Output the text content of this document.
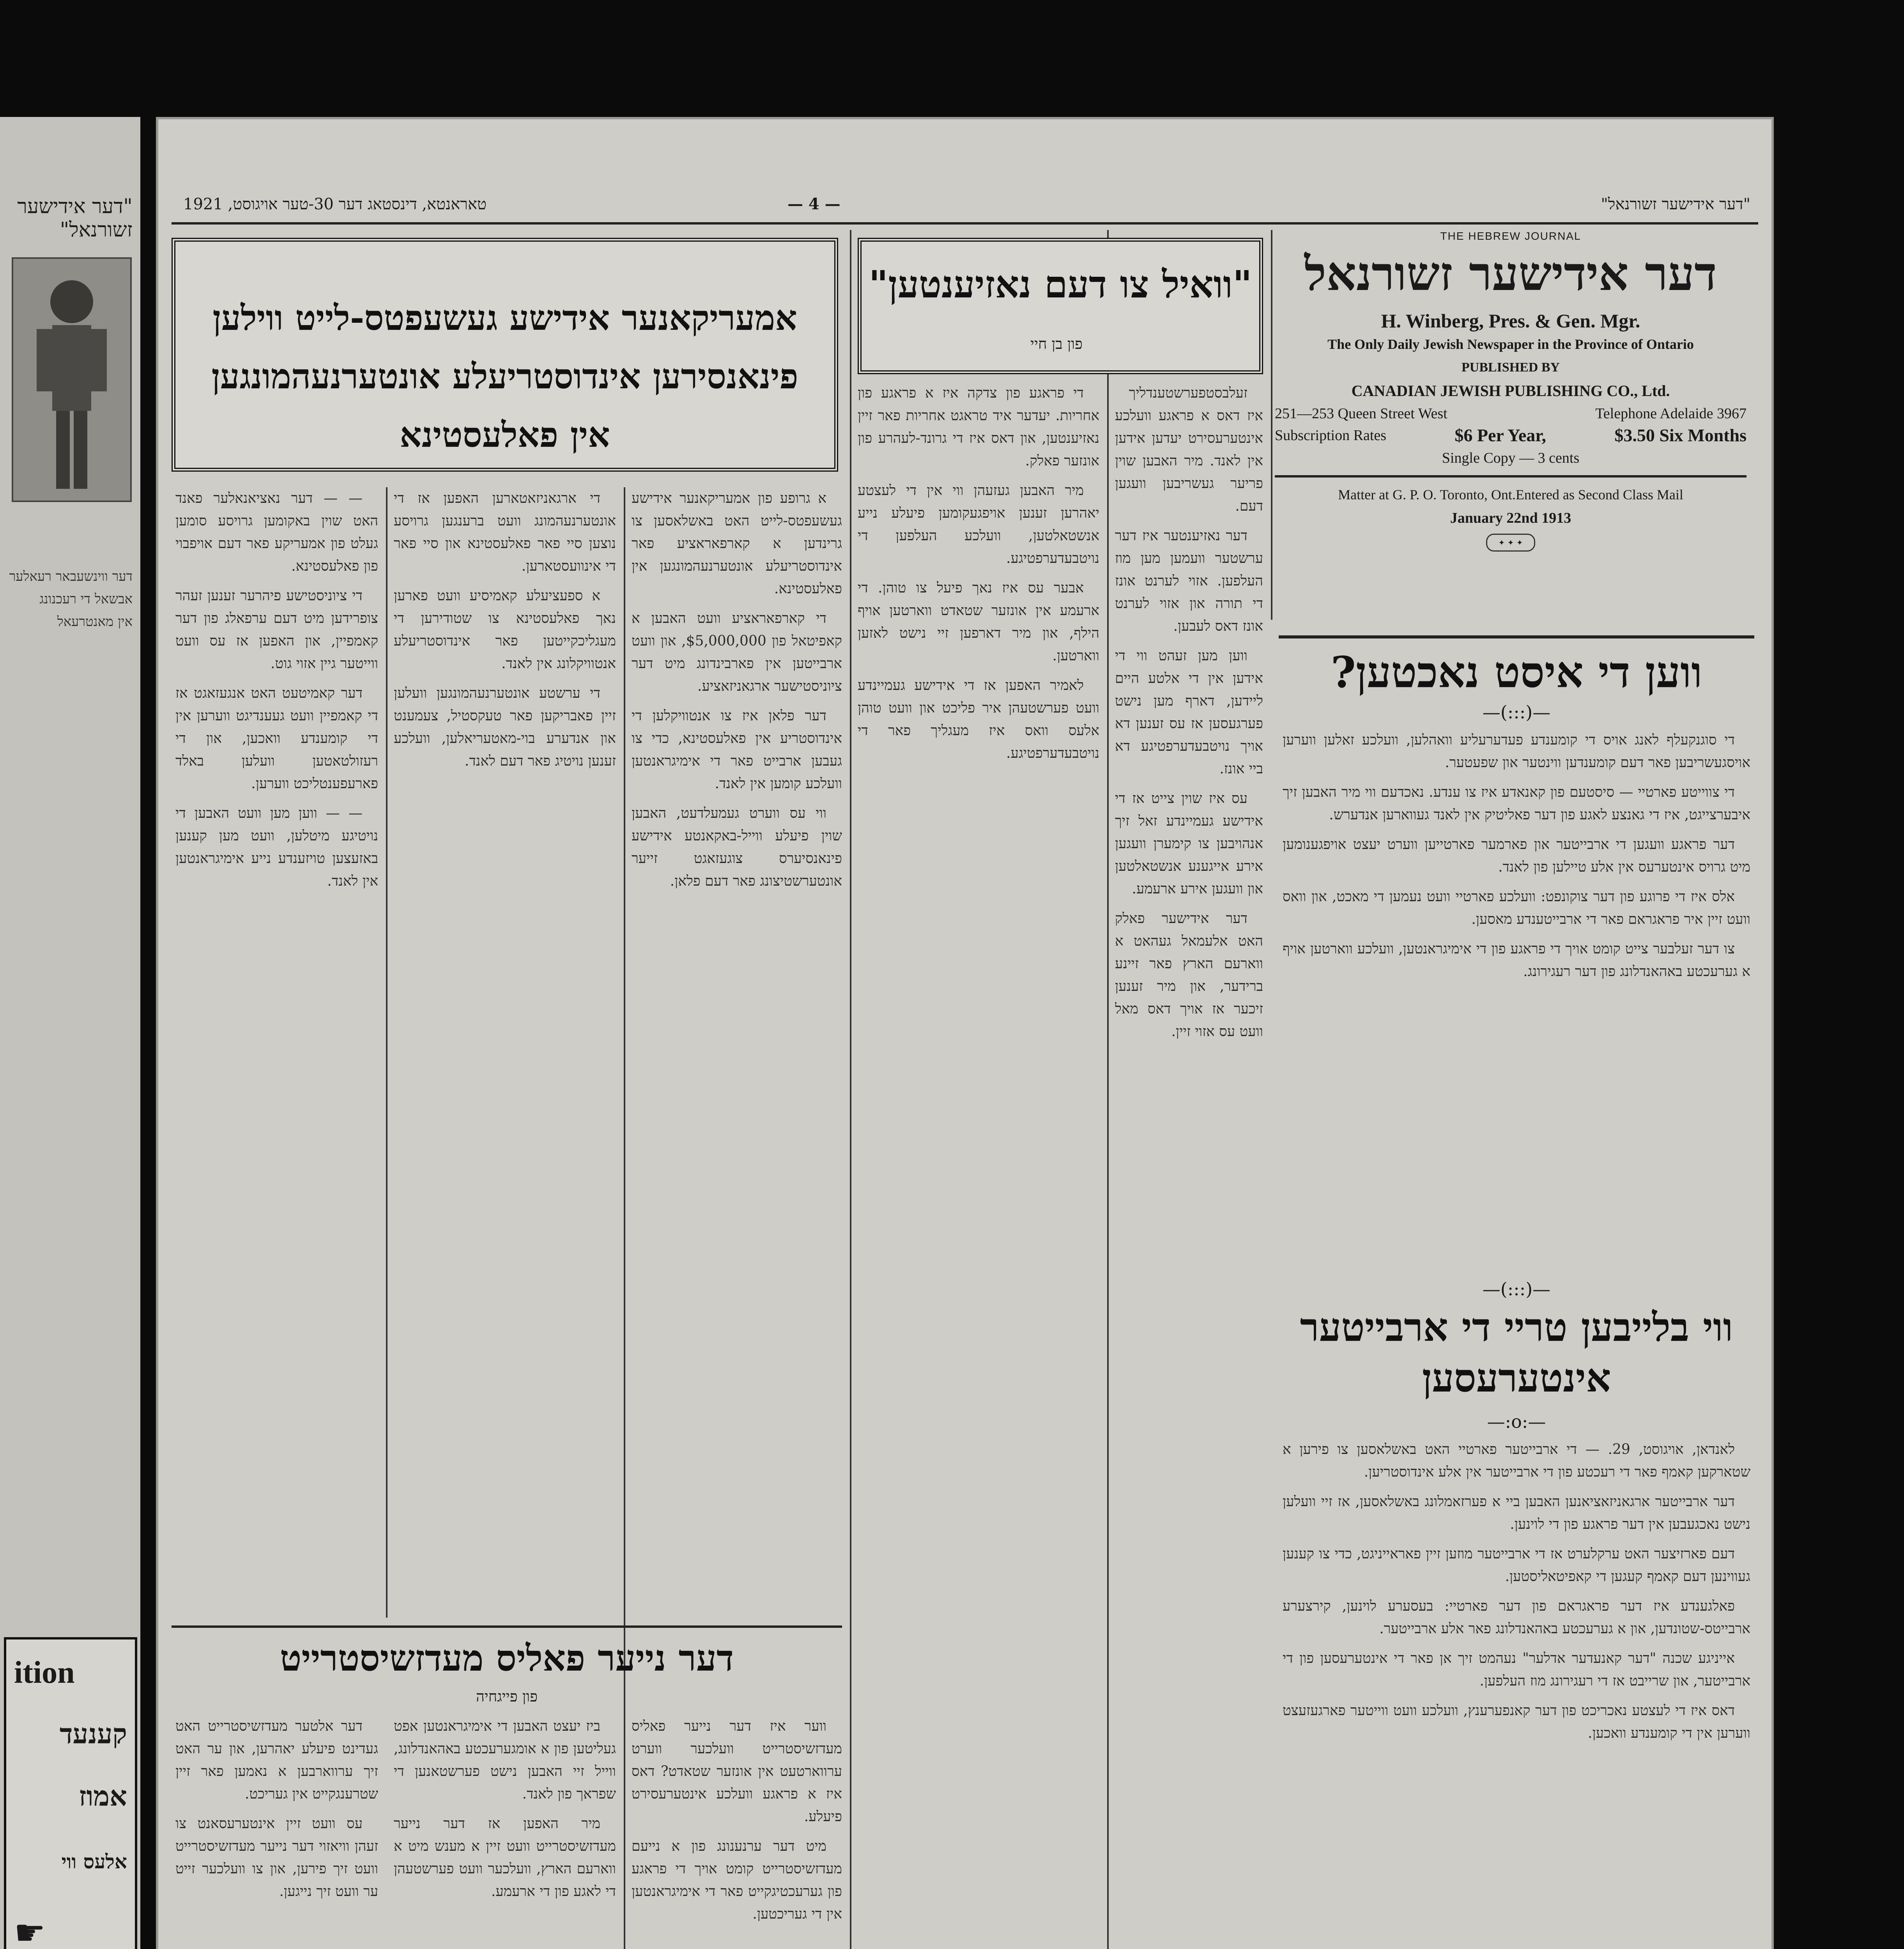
"דער אידישער זשורנאל"
דער ווינשעבאר רעאלער
אבשאל די רעכנונג
אין מאנטרעאל
ition
קענעד
אמוז
אלעס ווי
☛
"דער אידישער זשורנאל"
— 4 —
טאראנטא, דינסטאג דער 30-טער אויגוסט, 1921
THE HEBREW JOURNAL
דער אידישער זשורנאל
H. Winberg, Pres. & Gen. Mgr.
The Only Daily Jewish Newspaper in the Province of Ontario
PUBLISHED BY
CANADIAN JEWISH PUBLISHING CO., Ltd.
251—253 Queen Street West	Telephone Adelaide 3967
Subscription Rates	$6 Per Year,	$3.50 Six Months
Single Copy — 3 cents
Matter at G. P. O. Toronto, Ont.Entered as Second Class Mail
January 22nd 1913
✦ ✦ ✦
ווען די איסט נאכטען?
—(:::)—

די סוגנקעלף לאנג אויס די קומענדע פעדערעליע וואהלען, וועלכע זאלען ווערען אויסגעשריבען פאר דעם קומענדען ווינטער און שפעטער.

די צווייטע פארטיי — סיסטעם פון קאנאדע איז צו ענדע. נאכדעם ווי מיר האבען זיך איבערצייגט, איז די גאנצע לאגע פון דער פאליטיק אין לאנד געווארען אנדערש.

דער פראגע וועגען די ארבייטער און פארמער פארטייען ווערט יעצט אויפגענומען מיט גרויס אינטערעס אין אלע טיילען פון לאנד.

אלס איז די פרוגע פון דער צוקונפט: וועלכע פארטיי וועט נעמען די מאכט, און וואס וועט זיין איר פראגראם פאר די ארבייטענדע מאסען.

צו דער זעלבער צייט קומט אויך די פראגע פון די אימיגראנטען, וועלכע ווארטען אויף א גערעכטע באהאנדלונג פון דער רעגירונג.

—(:::)—
ווי בלייבען טריי די ארבייטער אינטערעסען
—:o:—

לאנדאן, אויגוסט, 29. — די ארבייטער פארטיי האט באשלאסען צו פירען א שטארקען קאמף פאר די רעכטע פון די ארבייטער אין אלע אינדוסטריען.

דער ארבייטער ארגאניזאציאנען האבען ביי א פערזאמלונג באשלאסען, אז זיי וועלען נישט נאכגעבען אין דער פראגע פון די לוינען.

דעם פארזיצער האט ערקלערט אז די ארבייטער מוזען זיין פאראייניגט, כדי צו קענען געווינען דעם קאמף קעגען די קאפיטאליסטען.

פאלגענדע איז דער פראגראם פון דער פארטיי: בעסערע לוינען, קירצערע ארבייטס-שטונדען, און א גערעכטע באהאנדלונג פאר אלע ארבייטער.

אייניגע שכנה "דער קאנעדער אדלער" נעהמט זיך אן פאר די אינטערעסען פון די ארבייטער, און שרייבט אז די רעגירונג מוז העלפען.

דאס איז די לעצטע נאכריכט פון דער קאנפערענץ, וועלכע וועט ווייטער פארגעזעצט ווערען אין די קומענדע וואכען.

"וואיל צו דעם נאזיענטען"
פון בן חיי

זעלבסטפערשטענדליך איז דאס א פראגע וועלכע אינטערעסירט יעדען אידען אין לאנד. מיר האבען שוין פריער געשריבען וועגען דעם.

דער נאזיענטער איז דער ערשטער וועמען מען מוז העלפען. אזוי לערנט אונז די תורה און אזוי לערנט אונז דאס לעבען.

ווען מען זעהט ווי די אידען אין די אלטע היים ליידען, דארף מען נישט פערגעסען אז עס זענען דא אויך נויטבעדערפטיגע דא ביי אונז.

עס איז שוין צייט אז די אידישע געמיינדע זאל זיך אנהויבען צו קימערן וועגען אירע אייגענע אנשטאלטען און וועגען אירע ארעמע.

דער אידישער פאלק האט אלעמאל געהאט א ווארעם הארץ פאר זיינע ברידער, און מיר זענען זיכער אז אויך דאס מאל וועט עס אזוי זיין.

די פראגע פון צדקה איז א פראגע פון אחריות. יעדער איד טראגט אחריות פאר זיין נאזיענטען, און דאס איז די גרונד-לעהרע פון אונזער פאלק.

מיר האבען געזעהן ווי אין די לעצטע יאהרען זענען אויפגעקומען פיעלע נייע אנשטאלטען, וועלכע העלפען די נויטבעדערפטיגע.

אבער עס איז נאך פיעל צו טוהן. די ארעמע אין אונזער שטאדט ווארטען אויף הילף, און מיר דארפען זיי נישט לאזען ווארטען.

לאמיר האפען אז די אידישע געמיינדע וועט פערשטעהן איר פליכט און וועט טוהן אלעס וואס איז מעגליך פאר די נויטבעדערפטיגע.

אמעריקאנער אידישע געשעפטס-לייט ווילען פינאנסירען אינדוסטריעלע אונטערנעהמונגען אין פאלעסטינא

א גרופע פון אמעריקאנער אידישע געשעפטס-לייט האט באשלאסען צו גרינדען א קארפאראציע פאר אינדוסטריעלע אונטערנעהמונגען אין פאלעסטינא.

די קארפאראציע וועט האבען א קאפיטאל פון $5,000,000, און וועט ארבייטען אין פארבינדונג מיט דער ציוניסטישער ארגאניזאציע.

דער פלאן איז צו אנטוויקלען די אינדוסטריע אין פאלעסטינא, כדי צו געבען ארבייט פאר די אימיגראנטען וועלכע קומען אין לאנד.

ווי עס ווערט געמעלדעט, האבען שוין פיעלע ווייל-באקאנטע אידישע פינאנסיערס צוגעזאגט זייער אונטערשטיצונג פאר דעם פלאן.

די ארגאניזאטארען האפען אז די אונטערנעהמונג וועט ברענגען גרויסע נוצען סיי פאר פאלעסטינא און סיי פאר די אינוועסטארען.

א ספעציעלע קאמיסיע וועט פארען נאך פאלעסטינא צו שטודירען די מעגליכקייטען פאר אינדוסטריעלע אנטוויקלונג אין לאנד.

די ערשטע אונטערנעהמונגען וועלען זיין פאבריקען פאר טעקסטיל, צעמענט און אנדערע בוי-מאטעריאלען, וועלכע זענען נויטיג פאר דעם לאנד.

— — דער נאציאנאלער פאנד האט שוין באקומען גרויסע סומען געלט פון אמעריקע פאר דעם אויפבוי פון פאלעסטינא.

די ציוניסטישע פיהרער זענען זעהר צופרידען מיט דעם ערפאלג פון דער קאמפיין, און האפען אז עס וועט ווייטער גיין אזוי גוט.

דער קאמיטעט האט אנגעזאגט אז די קאמפיין וועט געענדיגט ווערען אין די קומענדע וואכען, און די רעזולטאטען וועלען באלד פארעפענטליכט ווערען.

— — ווען מען וועט האבען די נויטיגע מיטלען, וועט מען קענען באזעצען טויזענדע נייע אימיגראנטען אין לאנד.

דער נייער פאליס מעדזשיסטרייט
פון פייגחיה

ווער איז דער נייער פאליס מעדזשיסטרייט וועלכער ווערט ערווארטעט אין אונזער שטאדט? דאס איז א פראגע וועלכע אינטערעסירט פיעלע.

מיט דער ערנענונג פון א נייעם מעדזשיסטרייט קומט אויך די פראגע פון גערעכטיגקייט פאר די אימיגראנטען אין די געריכטען.

ביז יעצט האבען די אימיגראנטען אפט געליטען פון א אומגערעכטע באהאנדלונג, ווייל זיי האבען נישט פערשטאנען די שפראך פון לאנד.

מיר האפען אז דער נייער מעדזשיסטרייט וועט זיין א מענש מיט א ווארעם הארץ, וועלכער וועט פערשטעהן די לאגע פון די ארעמע.

דער אלטער מעדזשיסטרייט האט געדינט פיעלע יאהרען, און ער האט זיך ערווארבען א נאמען פאר זיין שטרענגקייט אין געריכט.

עס וועט זיין אינטערעסאנט צו זעהן וויאזוי דער נייער מעדזשיסטרייט וועט זיך פירען, און צו וועלכער זייט ער וועט זיך נייגען.
